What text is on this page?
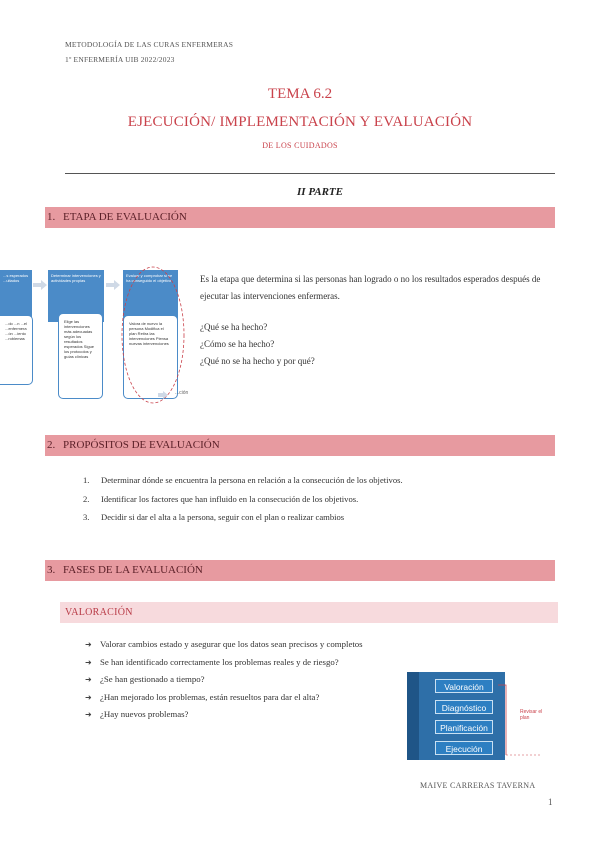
METODOLOGÍA DE LAS CURAS ENFERMERAS
1º ENFERMERÍA UIB 2022/2023
TEMA 6.2
EJECUCIÓN/ IMPLEMENTACIÓN Y EVALUACIÓN
DE LOS CUIDADOS
II PARTE
1. ETAPA DE EVALUACIÓN
...s esperados ...ultados
...do ...n ...el ...enfermera ...ón ...iento ...roblemas
Determinar intervenciones y actividades propias
Elige las intervenciones más adecuadas según los resultados esperados Sigue los protocolos y guías clínicas
Evaluar y comprobar si se ha conseguido el objetivo
Valora de nuevo la persona Modifica el plan Retira las intervenciones Piensa nuevas intervenciones
...ción
Es la etapa que determina si las personas han logrado o no los resultados esperados después de ejecutar las intervenciones enfermeras.
¿Qué se ha hecho?
¿Cómo se ha hecho?
¿Qué no se ha hecho y por qué?
2. PROPÓSITOS DE EVALUACIÓN
1. Determinar dónde se encuentra la persona en relación a la consecución de los objetivos.
2. Identificar los factores que han influido en la consecución de los objetivos.
3. Decidir si dar el alta a la persona, seguir con el plan o realizar cambios
3. FASES DE LA EVALUACIÓN
VALORACIÓN
➜ Valorar cambios estado y asegurar que los datos sean precisos y completos
➜ Se han identificado correctamente los problemas reales y de riesgo?
➜ ¿Se han gestionado a tiempo?
➜ ¿Han mejorado los problemas, están resueltos para dar el alta?
➜ ¿Hay nuevos problemas?
Valoración
Diagnóstico
Planificación
Ejecución
Revisar el plan
MAIVE CARRERAS TAVERNA
1
